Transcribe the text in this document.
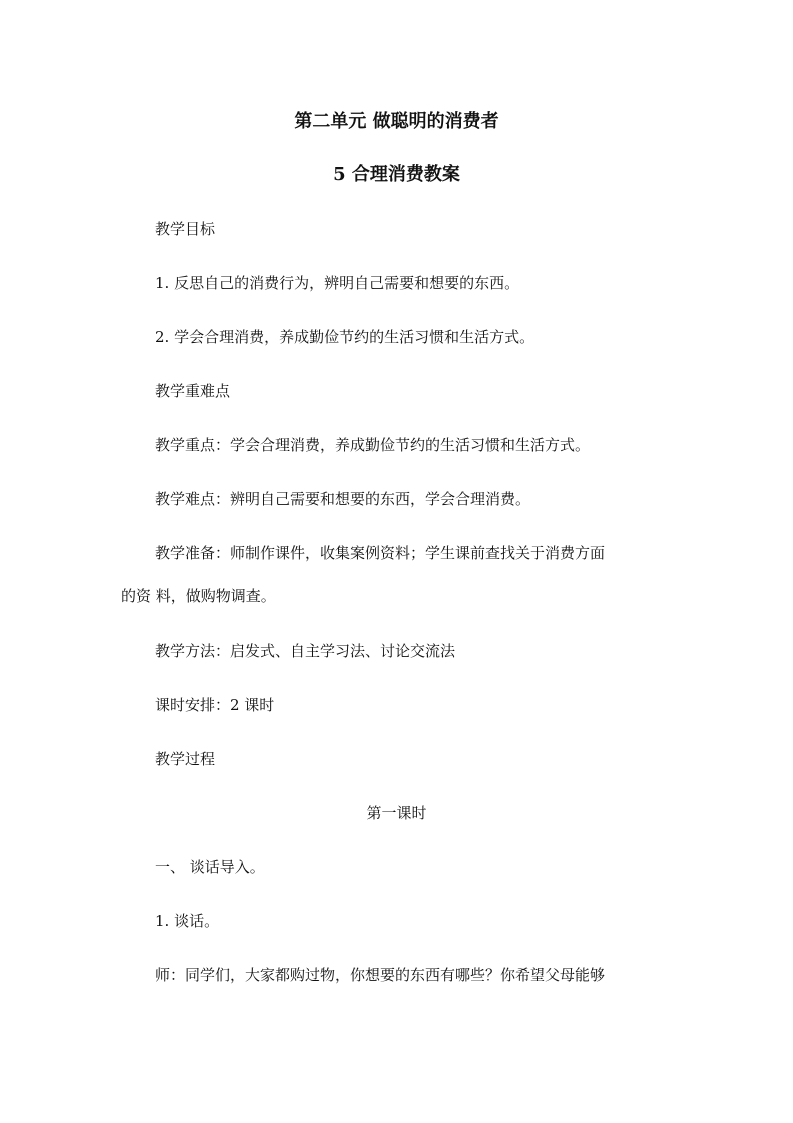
第二单元 做聪明的消费者
5 合理消费教案
教学目标
1. 反思自己的消费行为，辨明自己需要和想要的东西。
2. 学会合理消费，养成勤俭节约的生活习惯和生活方式。
教学重难点
教学重点：学会合理消费，养成勤俭节约的生活习惯和生活方式。
教学难点：辨明自己需要和想要的东西，学会合理消费。
教学准备：师制作课件，收集案例资料；学生课前查找关于消费方面
的资 料，做购物调查。
教学方法：启发式、自主学习法、讨论交流法
课时安排：2 课时
教学过程
第一课时
一、 谈话导入。
1. 谈话。
师：同学们，大家都购过物，你想要的东西有哪些？你希望父母能够
